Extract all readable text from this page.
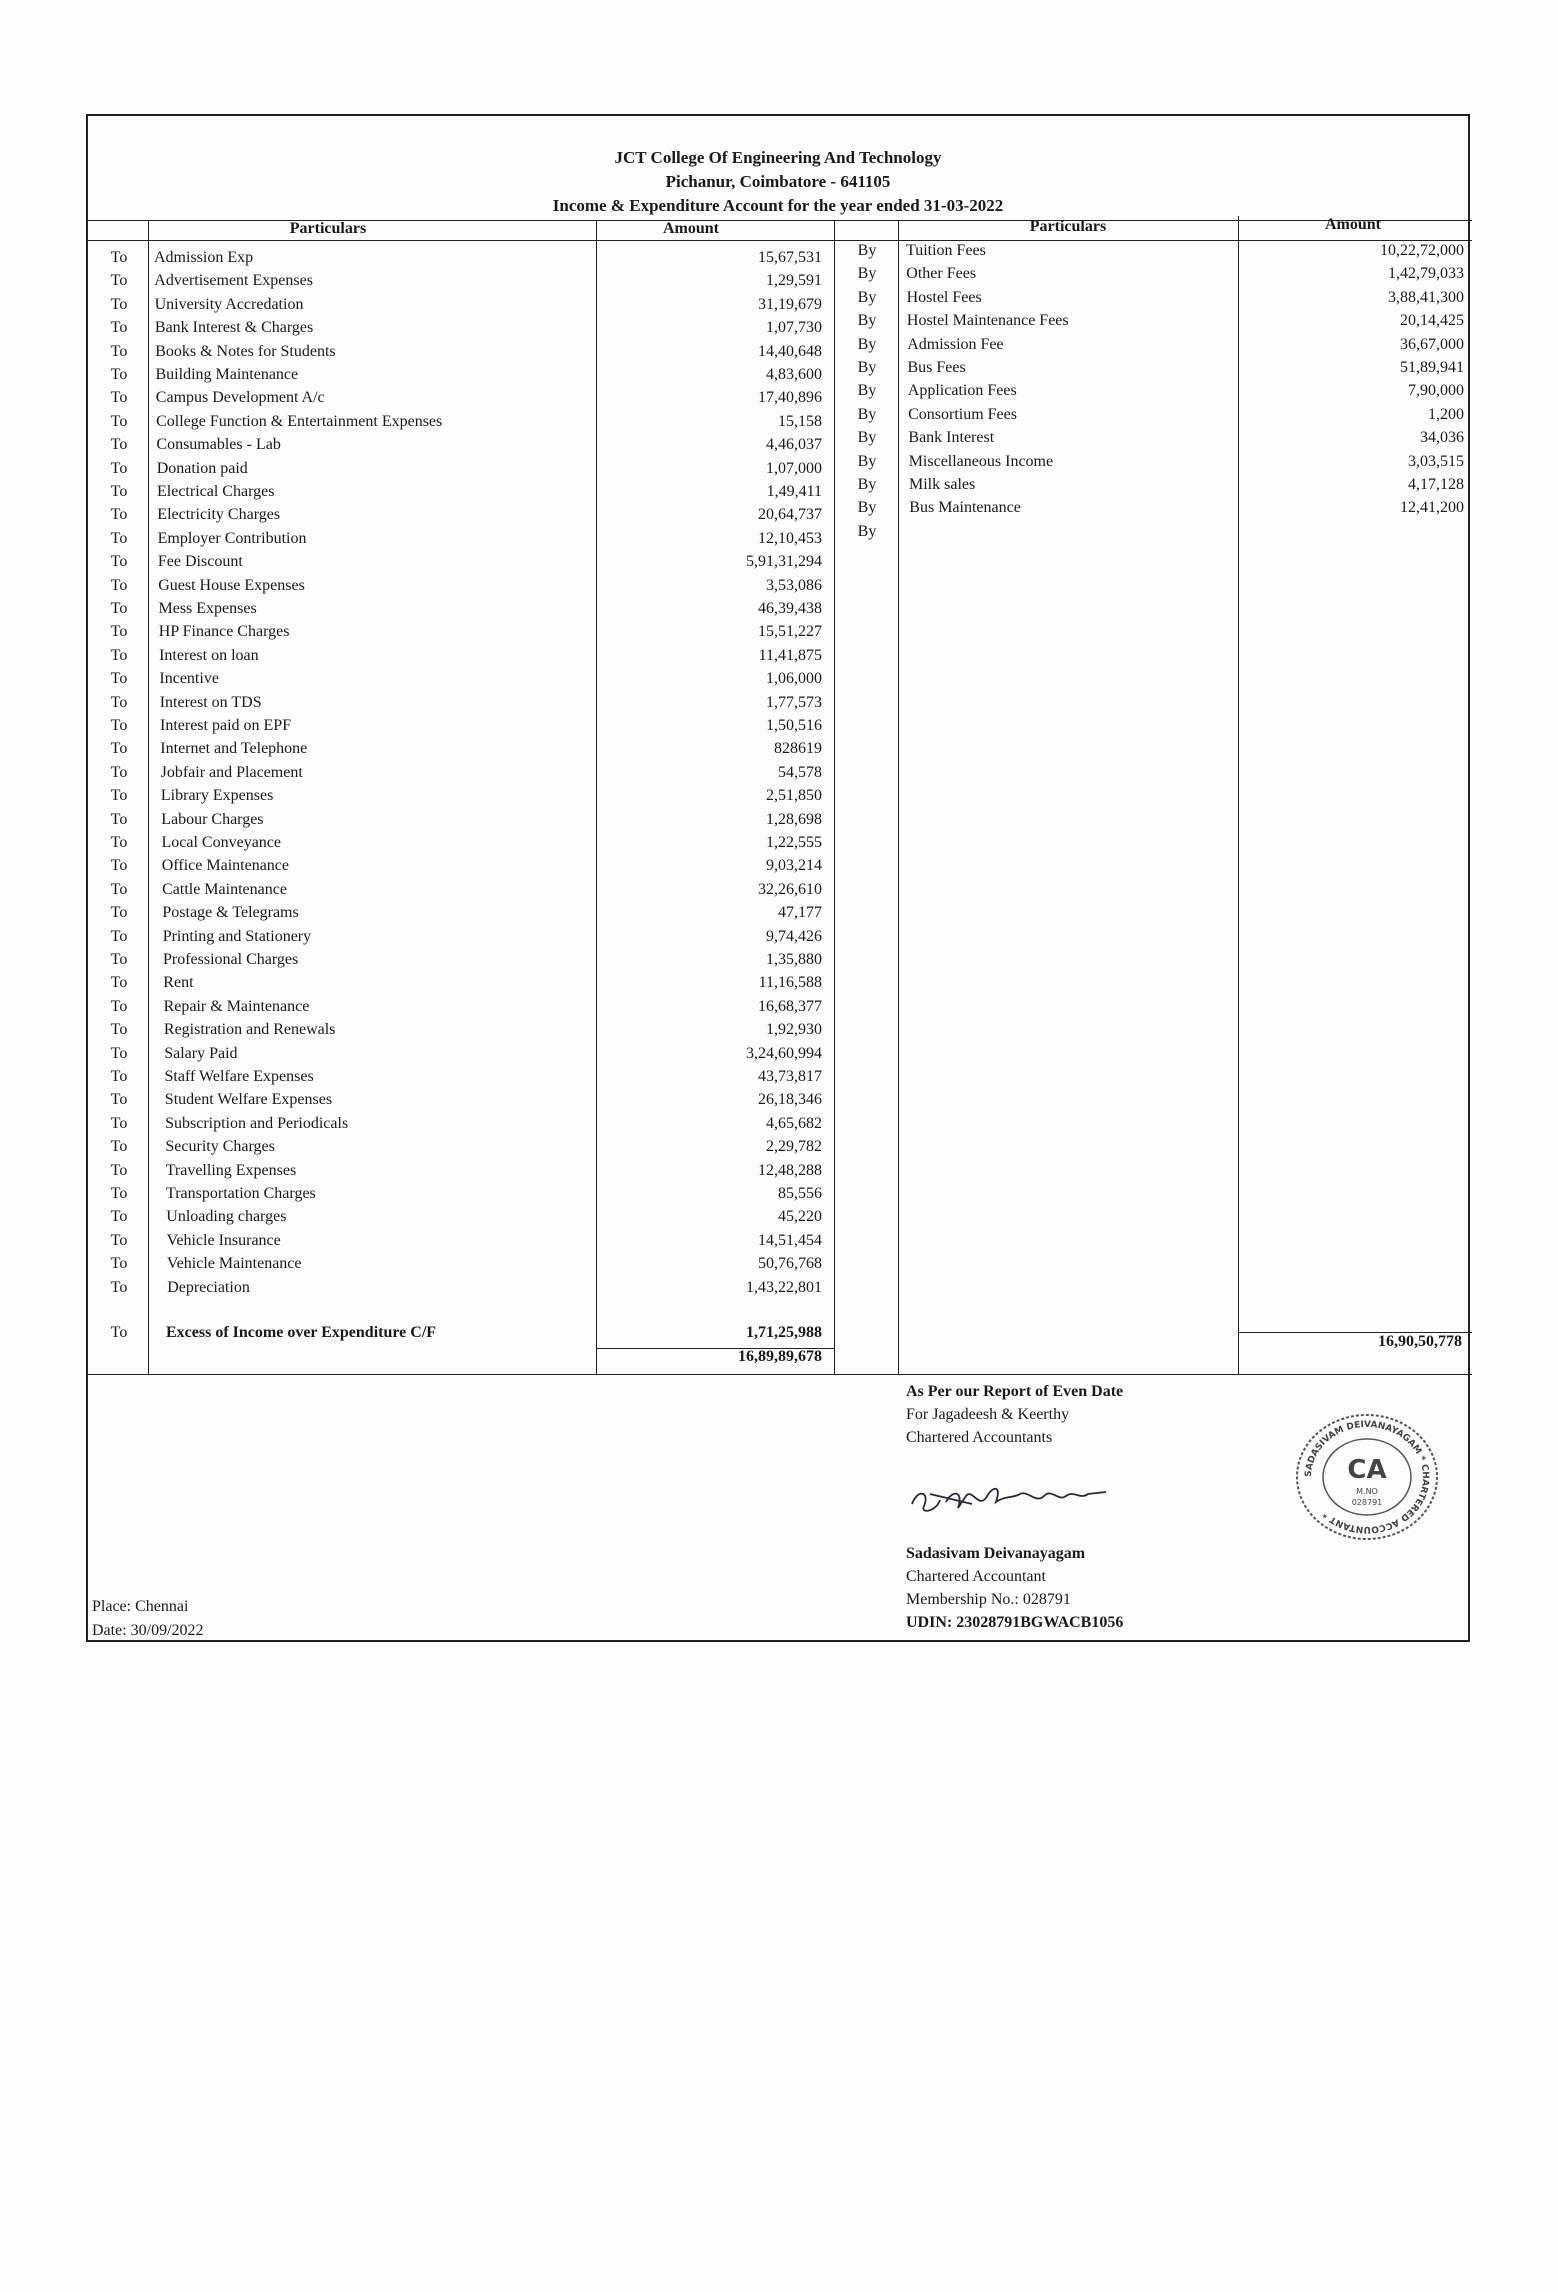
JCT College Of Engineering And Technology
Pichanur, Coimbatore - 641105
Income & Expenditure Account for the year ended 31-03-2022
Particulars	Amount	Particulars	Amount
To	Admission Exp	15,67,531
To	Advertisement Expenses	1,29,591
To	University Accredation	31,19,679
To	Bank Interest & Charges	1,07,730
To	Books & Notes for Students	14,40,648
To	Building Maintenance	4,83,600
To	Campus Development A/c	17,40,896
To	College Function & Entertainment Expenses	15,158
To	Consumables - Lab	4,46,037
To	Donation paid	1,07,000
To	Electrical Charges	1,49,411
To	Electricity Charges	20,64,737
To	Employer Contribution	12,10,453
To	Fee Discount	5,91,31,294
To	Guest House Expenses	3,53,086
To	Mess Expenses	46,39,438
To	HP Finance Charges	15,51,227
To	Interest on loan	11,41,875
To	Incentive	1,06,000
To	Interest on TDS	1,77,573
To	Interest paid on EPF	1,50,516
To	Internet and Telephone	828619
To	Jobfair and Placement	54,578
To	Library Expenses	2,51,850
To	Labour Charges	1,28,698
To	Local Conveyance	1,22,555
To	Office Maintenance	9,03,214
To	Cattle Maintenance	32,26,610
To	Postage & Telegrams	47,177
To	Printing and Stationery	9,74,426
To	Professional Charges	1,35,880
To	Rent	11,16,588
To	Repair & Maintenance	16,68,377
To	Registration and Renewals	1,92,930
To	Salary Paid	3,24,60,994
To	Staff Welfare Expenses	43,73,817
To	Student Welfare Expenses	26,18,346
To	Subscription and Periodicals	4,65,682
To	Security Charges	2,29,782
To	Travelling Expenses	12,48,288
To	Transportation Charges	85,556
To	Unloading charges	45,220
To	Vehicle Insurance	14,51,454
To	Vehicle Maintenance	50,76,768
To	Depreciation	1,43,22,801
By	Tuition Fees	10,22,72,000
By	Other Fees	1,42,79,033
By	Hostel Fees	3,88,41,300
By	Hostel Maintenance Fees	20,14,425
By	Admission Fee	36,67,000
By	Bus Fees	51,89,941
By	Application Fees	7,90,000
By	Consortium Fees	1,200
By	Bank Interest	34,036
By	Miscellaneous Income	3,03,515
By	Milk sales	4,17,128
By	Bus Maintenance	12,41,200
By
To	Excess of Income over Expenditure C/F	1,71,25,988
16,89,89,678
16,90,50,778
As Per our Report of Even Date
For Jagadeesh & Keerthy
Chartered Accountants
Sadasivam Deivanayagam
Chartered Accountant
Membership No.: 028791
UDIN: 23028791BGWACB1056
SADASIVAM DEIVANAYAGAM * CHARTERED ACCOUNTANT *
CA
M.NO
028791
Place: Chennai
Date: 30/09/2022
